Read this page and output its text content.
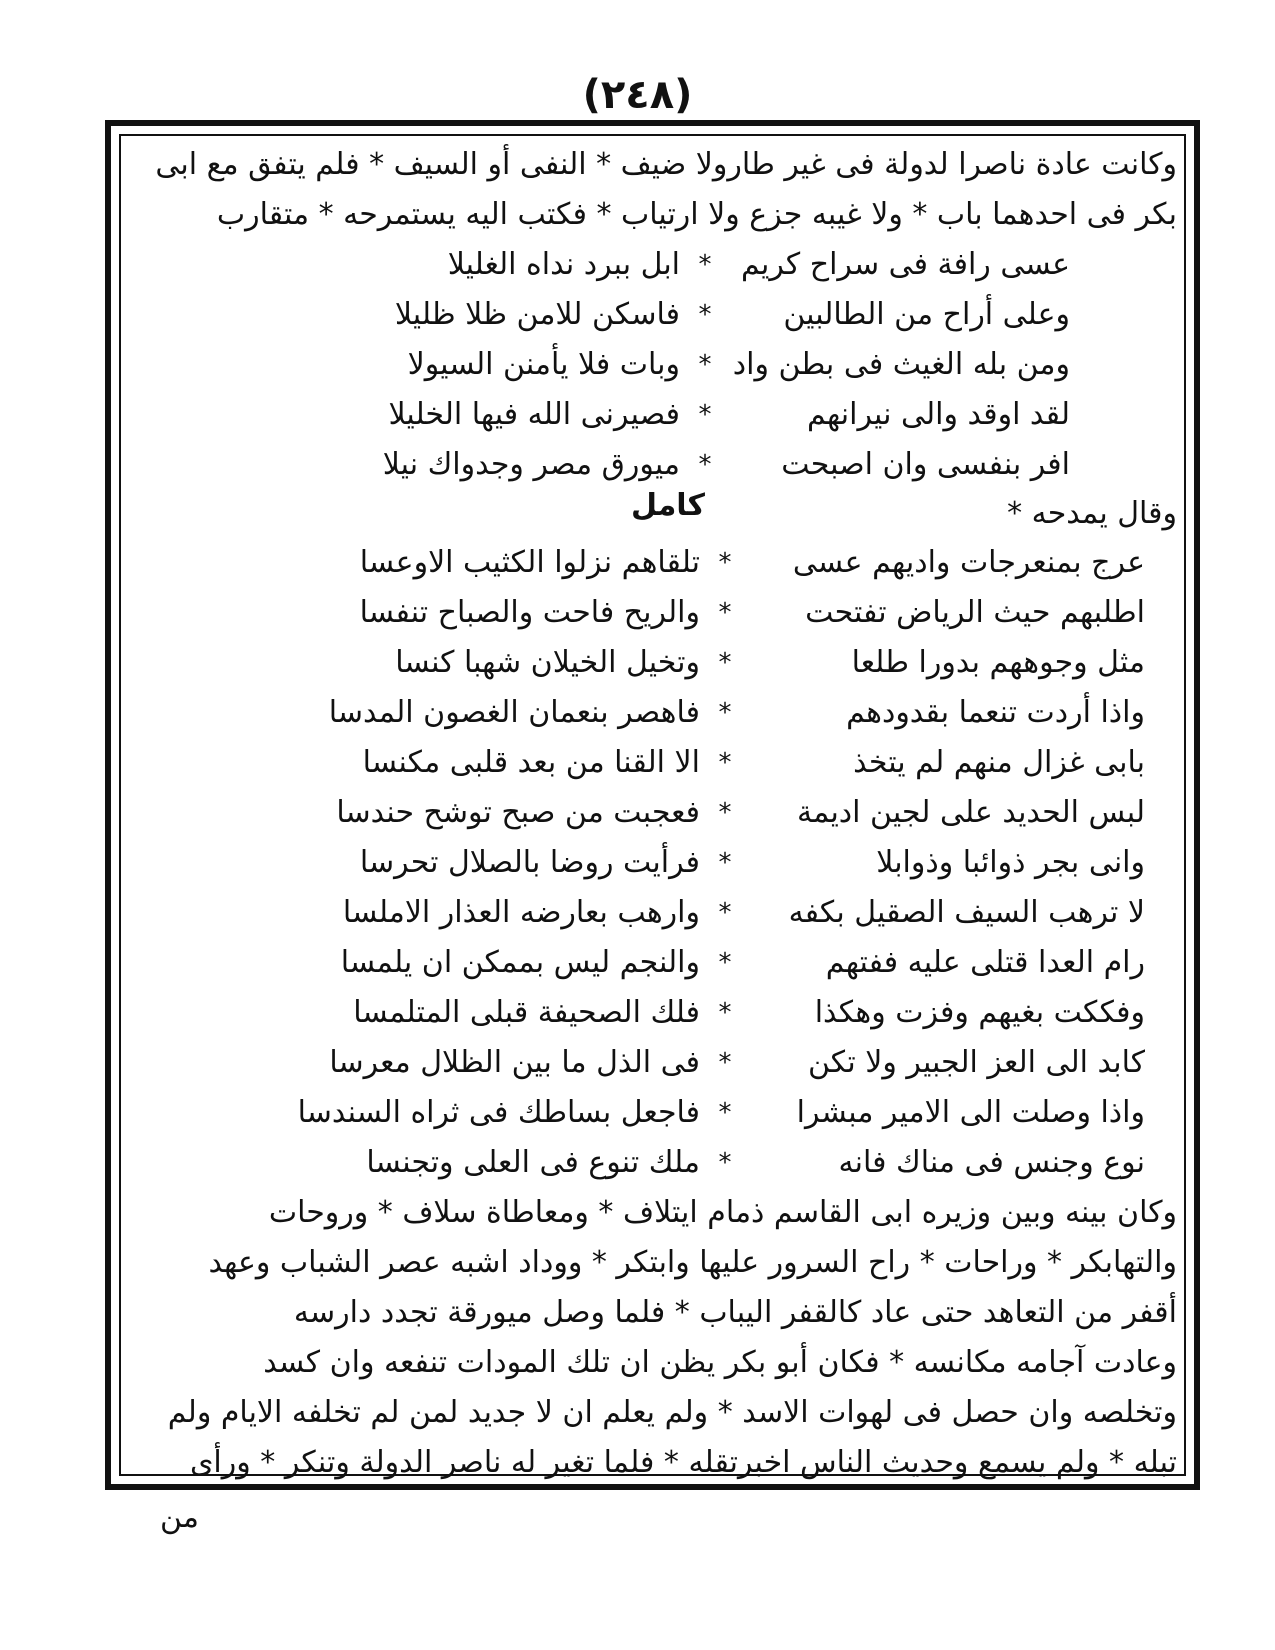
(٢٤٨)
وكانت عادة ناصرا لدولة فى غير طارولا ضيف * النفى أو السيف * فلم يتفق مع ابى
بكر فى احدهما باب * ولا غيبه جزع ولا ارتياب * فكتب اليه يستمرحه * متقارب
عسى رافة فى سراح كريم
*
ابل ببرد نداه الغليلا
وعلى أراح من الطالبين
*
فاسكن للامن ظلا ظليلا
ومن بله الغيث فى بطن واد
*
وبات فلا يأمنن السيولا
لقد اوقد والى نيرانهم
*
فصيرنى الله فيها الخليلا
افر بنفسى وان اصبحت
*
ميورق مصر وجدواك نيلا
وقال يمدحه *
كامل
عرج بمنعرجات واديهم عسى
*
تلقاهم نزلوا الكثيب الاوعسا
اطلبهم حيث الرياض تفتحت
*
والريح فاحت والصباح تنفسا
مثل وجوههم بدورا طلعا
*
وتخيل الخيلان شهبا كنسا
واذا أردت تنعما بقدودهم
*
فاهصر بنعمان الغصون المدسا
بابى غزال منهم لم يتخذ
*
الا القنا من بعد قلبى مكنسا
لبس الحديد على لجين اديمة
*
فعجبت من صبح توشح حندسا
وانى بجر ذوائبا وذوابلا
*
فرأيت روضا بالصلال تحرسا
لا ترهب السيف الصقيل بكفه
*
وارهب بعارضه العذار الاملسا
رام العدا قتلى عليه ففتهم
*
والنجم ليس بممكن ان يلمسا
وفككت بغيهم وفزت وهكذا
*
فلك الصحيفة قبلى المتلمسا
كابد الى العز الجبير ولا تكن
*
فى الذل ما بين الظلال معرسا
واذا وصلت الى الامير مبشرا
*
فاجعل بساطك فى ثراه السندسا
نوع وجنس فى مناك فانه
*
ملك تنوع فى العلى وتجنسا
وكان بينه وبين وزيره ابى القاسم ذمام ايتلاف * ومعاطاة سلاف * وروحات
والتهابكر * وراحات * راح السرور عليها وابتكر * ووداد اشبه عصر الشباب وعهد
أقفر من التعاهد حتى عاد كالقفر اليباب * فلما وصل ميورقة تجدد دارسه
وعادت آجامه مكانسه * فكان أبو بكر يظن ان تلك المودات تنفعه وان كسد
وتخلصه وان حصل فى لهوات الاسد * ولم يعلم ان لا جديد لمن لم تخلفه الايام ولم
تبله * ولم يسمع وحديث الناس اخبرتقله * فلما تغير له ناصر الدولة وتنكر * ورأى
من
